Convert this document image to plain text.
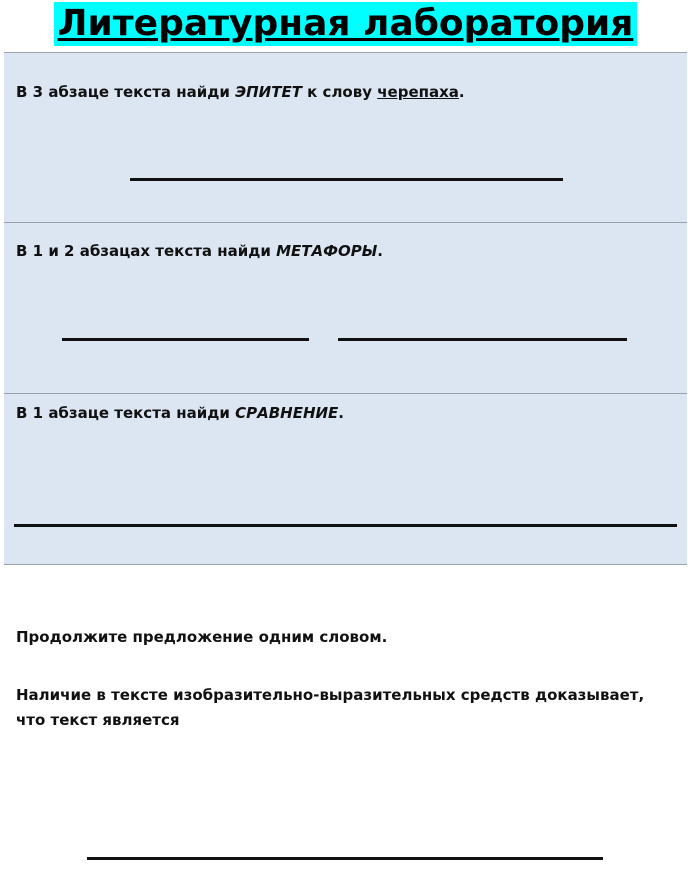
Литературная лаборатория
В 3 абзаце текста найди ЭПИТЕТ к слову черепаха.
В 1 и 2 абзацах текста найди МЕТАФОРЫ.
В 1 абзаце текста найди СРАВНЕНИЕ.
Продолжите предложение одним словом.
Наличие в тексте изобразительно-выразительных средств доказывает,
что текст является
